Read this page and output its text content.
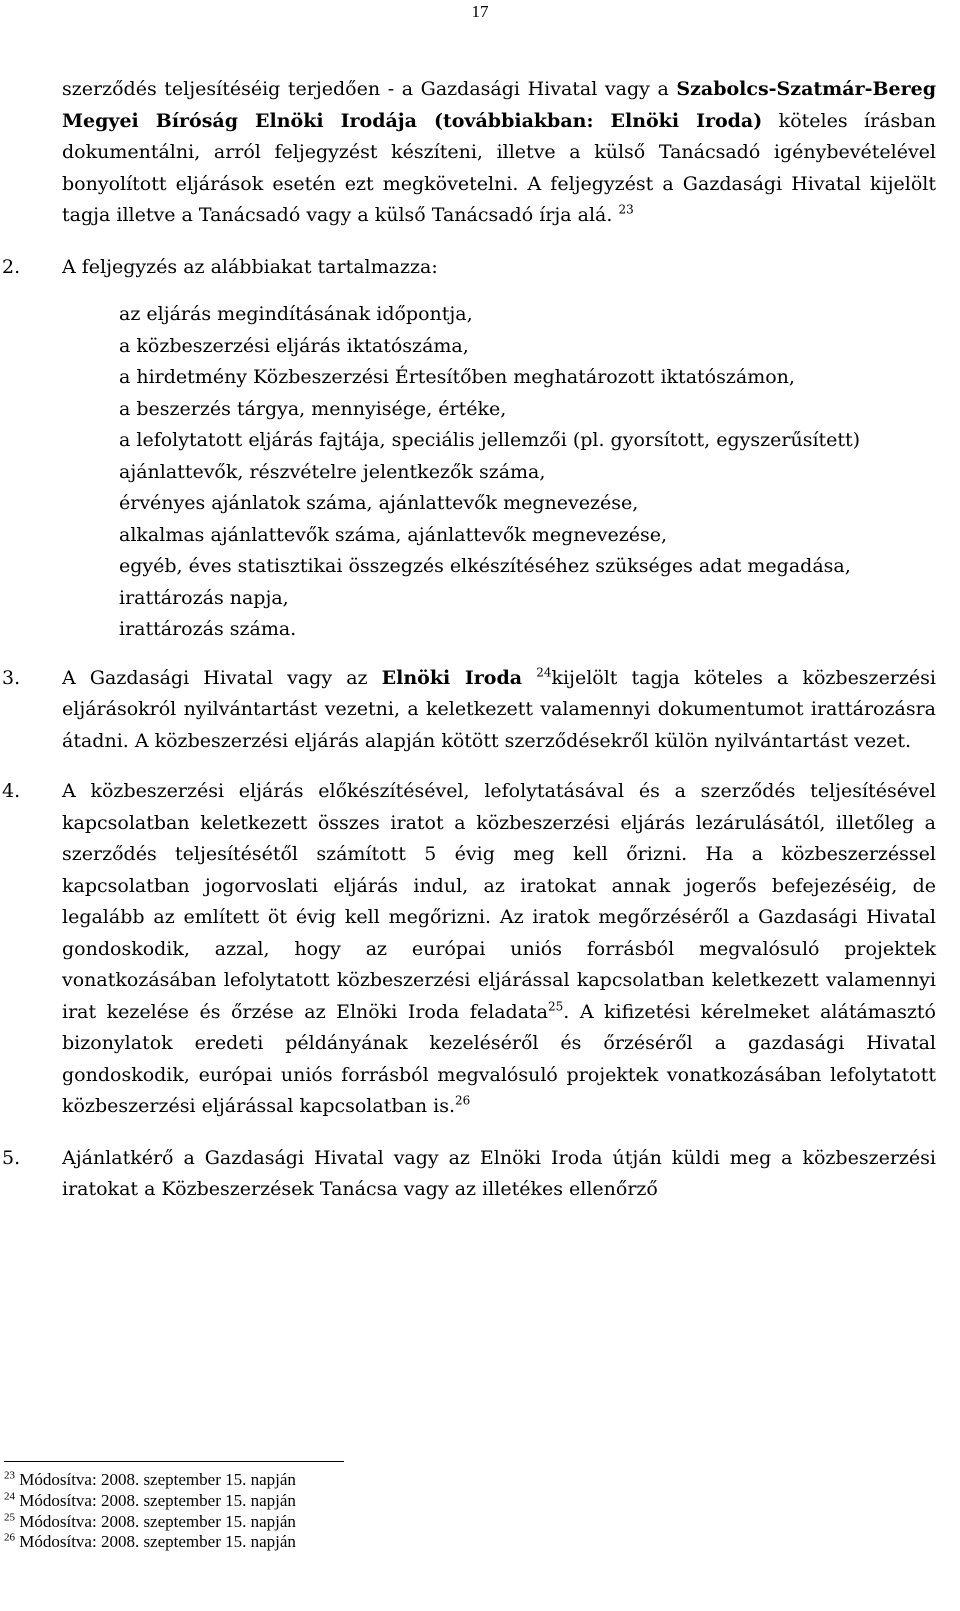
17

szerződés teljesítéséig terjedően - a Gazdasági Hivatal vagy a Szabolcs-Szatmár-Bereg Megyei Bíróság Elnöki Irodája (továbbiakban: Elnöki Iroda) köteles írásban dokumentálni, arról feljegyzést készíteni, illetve a külső Tanácsadó igénybevételével bonyolított eljárások esetén ezt megkövetelni. A feljegyzést a Gazdasági Hivatal kijelölt tagja illetve a Tanácsadó vagy a külső Tanácsadó írja alá. $^{23}$

2.	A feljegyzés az alábbiakat tartalmazza:
az eljárás megindításának időpontja,
a közbeszerzési eljárás iktatószáma,
a hirdetmény Közbeszerzési Értesítőben meghatározott iktatószámon,
a beszerzés tárgya, mennyisége, értéke,
a lefolytatott eljárás fajtája, speciális jellemzői (pl. gyorsított, egyszerűsített)
ajánlattevők, részvételre jelentkezők száma,
érvényes ajánlatok száma, ajánlattevők megnevezése,
alkalmas ajánlattevők száma, ajánlattevők megnevezése,
egyéb, éves statisztikai összegzés elkészítéséhez szükséges adat megadása,
irattározás napja,
irattározás száma.
3.	A Gazdasági Hivatal vagy az Elnöki Iroda $^{24}$kijelölt tagja köteles a közbeszerzési eljárásokról nyilvántartást vezetni, a keletkezett valamennyi dokumentumot irattározásra átadni. A közbeszerzési eljárás alapján kötött szerződésekről külön nyilvántartást vezet.
4.	A közbeszerzési eljárás előkészítésével, lefolytatásával és a szerződés teljesítésével kapcsolatban keletkezett összes iratot a közbeszerzési eljárás lezárulásától, illetőleg a szerződés teljesítésétől számított 5 évig meg kell őrizni. Ha a közbeszerzéssel kapcsolatban jogorvoslati eljárás indul, az iratokat annak jogerős befejezéséig, de legalább az említett öt évig kell megőrizni. Az iratok megőrzéséről a Gazdasági Hivatal gondoskodik, azzal, hogy az európai uniós forrásból megvalósuló projektek vonatkozásában lefolytatott közbeszerzési eljárással kapcsolatban keletkezett valamennyi irat kezelése és őrzése az Elnöki Iroda feladata$^{25}$. A kifizetési kérelmeket alátámasztó bizonylatok eredeti példányának kezeléséről és őrzéséről a gazdasági Hivatal gondoskodik, európai uniós forrásból megvalósuló projektek vonatkozásában lefolytatott közbeszerzési eljárással kapcsolatban is.$^{26}$
5.	Ajánlatkérő a Gazdasági Hivatal vagy az Elnöki Iroda útján küldi meg a közbeszerzési iratokat a Közbeszerzések Tanácsa vagy az illetékes ellenőrző
$^{23}$ Módosítva: 2008. szeptember 15. napján
$^{24}$ Módosítva: 2008. szeptember 15. napján
$^{25}$ Módosítva: 2008. szeptember 15. napján
$^{26}$ Módosítva: 2008. szeptember 15. napján
